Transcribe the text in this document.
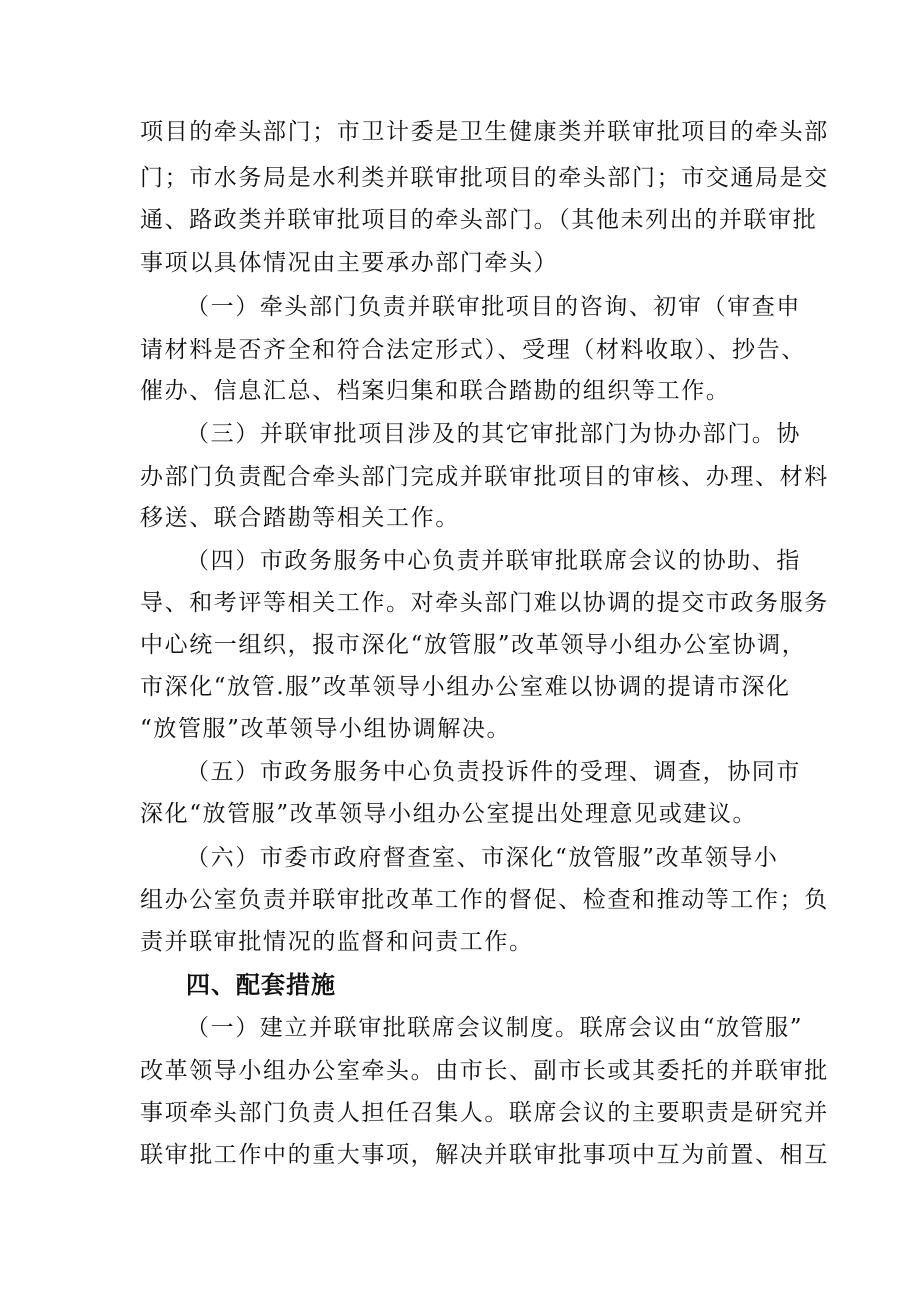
项目的牵头部门；市卫计委是卫生健康类并联审批项目的牵头部
门；市水务局是水利类并联审批项目的牵头部门；市交通局是交
通、路政类并联审批项目的牵头部门。（其他未列出的并联审批
事项以具体情况由主要承办部门牵头）
（一）牵头部门负责并联审批项目的咨询、初审（审查申
请材料是否齐全和符合法定形式）、受理（材料收取）、抄告、
催办、信息汇总、档案归集和联合踏勘的组织等工作。
（三）并联审批项目涉及的其它审批部门为协办部门。协
办部门负责配合牵头部门完成并联审批项目的审核、办理、材料
移送、联合踏勘等相关工作。
（四）市政务服务中心负责并联审批联席会议的协助、指
导、和考评等相关工作。对牵头部门难以协调的提交市政务服务
中心统一组织，报市深化“放管服”改革领导小组办公室协调，
市深化“放管.服”改革领导小组办公室难以协调的提请市深化
“放管服”改革领导小组协调解决。
（五）市政务服务中心负责投诉件的受理、调查，协同市
深化“放管服”改革领导小组办公室提出处理意见或建议。
（六）市委市政府督查室、市深化“放管服”改革领导小
组办公室负责并联审批改革工作的督促、检查和推动等工作；负
责并联审批情况的监督和问责工作。
四、配套措施
（一）建立并联审批联席会议制度。联席会议由“放管服”
改革领导小组办公室牵头。由市长、副市长或其委托的并联审批
事项牵头部门负责人担任召集人。联席会议的主要职责是研究并
联审批工作中的重大事项，解决并联审批事项中互为前置、相互
